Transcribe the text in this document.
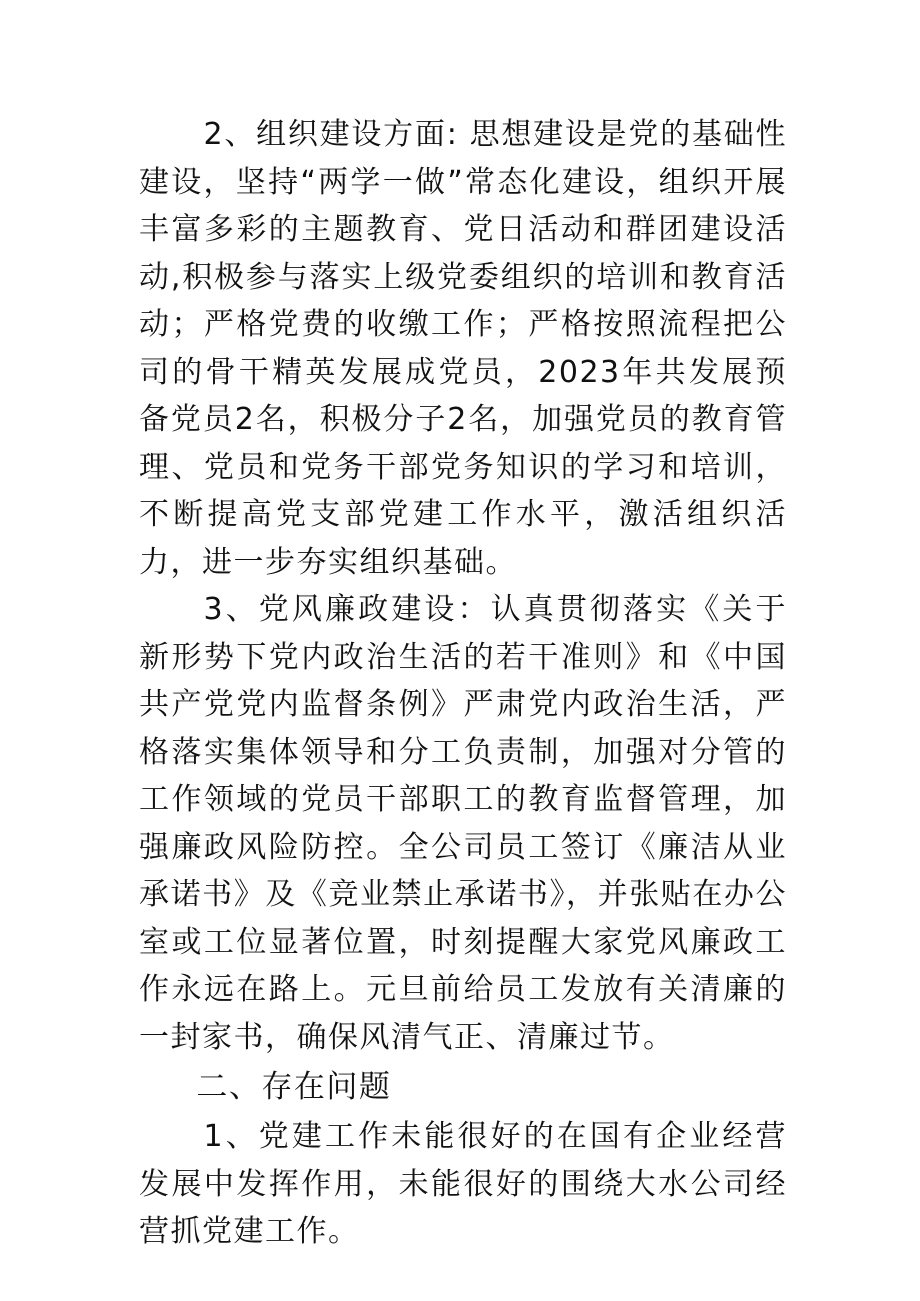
2、组织建设方面: 思想建设是党的基础性建设，坚持“两学一做”常态化建设，组织开展丰富多彩的主题教育、党日活动和群团建设活动,积极参与落实上级党委组织的培训和教育活动；严格党费的收缴工作；严格按照流程把公司的骨干精英发展成党员，2023年共发展预备党员2名，积极分子2名，加强党员的教育管理、党员和党务干部党务知识的学习和培训，不断提高党支部党建工作水平，激活组织活力，进一步夯实组织基础。

3、党风廉政建设：认真贯彻落实《关于新形势下党内政治生活的若干准则》和《中国共产党党内监督条例》严肃党内政治生活，严格落实集体领导和分工负责制，加强对分管的工作领域的党员干部职工的教育监督管理，加强廉政风险防控。全公司员工签订《廉洁从业承诺书》及《竞业禁止承诺书》，并张贴在办公室或工位显著位置，时刻提醒大家党风廉政工作永远在路上。元旦前给员工发放有关清廉的一封家书，确保风清气正、清廉过节。

二、存在问题

1、党建工作未能很好的在国有企业经营发展中发挥作用，未能很好的围绕大水公司经营抓党建工作。
